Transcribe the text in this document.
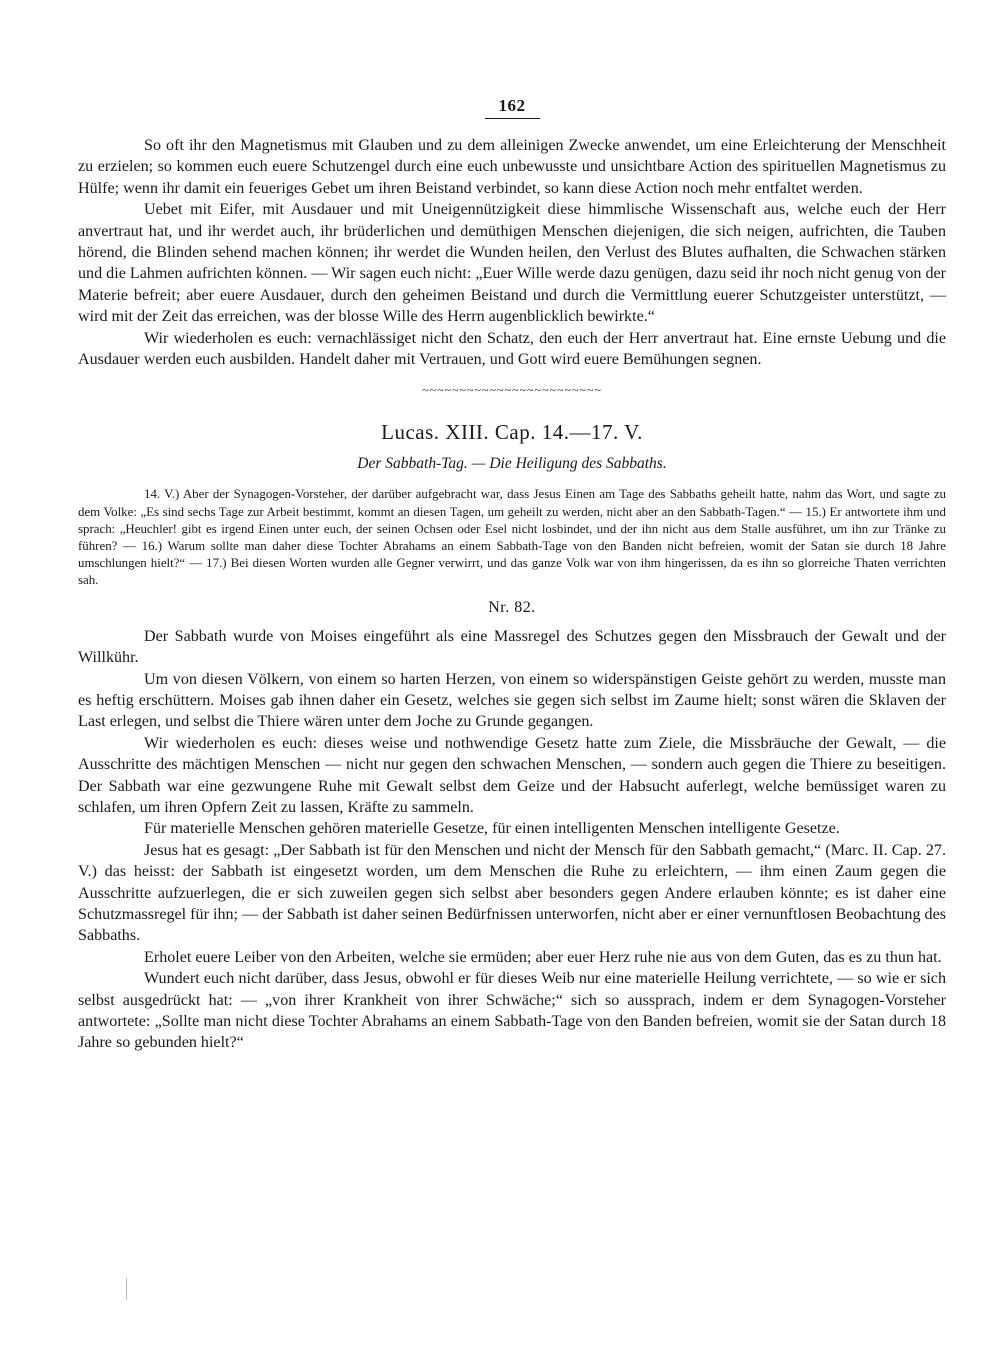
162

So oft ihr den Magnetismus mit Glauben und zu dem alleinigen Zwecke anwendet, um eine Erleichterung der Menschheit zu erzielen; so kommen euch euere Schutzengel durch eine euch unbewusste und unsichtbare Action des spirituellen Magnetismus zu Hülfe; wenn ihr damit ein feueriges Gebet um ihren Beistand verbindet, so kann diese Action noch mehr entfaltet werden.

Uebet mit Eifer, mit Ausdauer und mit Uneigennützigkeit diese himmlische Wissenschaft aus, welche euch der Herr anvertraut hat, und ihr werdet auch, ihr brüderlichen und demüthigen Menschen diejenigen, die sich neigen, aufrichten, die Tauben hörend, die Blinden sehend machen können; ihr werdet die Wunden heilen, den Verlust des Blutes aufhalten, die Schwachen stärken und die Lahmen aufrichten können. — Wir sagen euch nicht: „Euer Wille werde dazu genügen, dazu seid ihr noch nicht genug von der Materie befreit; aber euere Ausdauer, durch den geheimen Beistand und durch die Vermittlung euerer Schutzgeister unterstützt, — wird mit der Zeit das erreichen, was der blosse Wille des Herrn augenblicklich bewirkte.“

Wir wiederholen es euch: vernachlässiget nicht den Schatz, den euch der Herr anvertraut hat. Eine ernste Uebung und die Ausdauer werden euch ausbilden. Handelt daher mit Vertrauen, und Gott wird euere Bemühungen segnen.

~~~~~~~~~~~~~~~~~~~~~~~~
Lucas. XIII. Cap. 14.—17. V.
Der Sabbath-Tag. — Die Heiligung des Sabbaths.

14. V.) Aber der Synagogen-Vorsteher, der darüber aufgebracht war, dass Jesus Einen am Tage des Sabbaths geheilt hatte, nahm das Wort, und sagte zu dem Volke: „Es sind sechs Tage zur Arbeit bestimmt, kommt an diesen Tagen, um geheilt zu werden, nicht aber an den Sabbath-Tagen.“ — 15.) Er antwortete ihm und sprach: „Heuchler! gibt es irgend Einen unter euch, der seinen Ochsen oder Esel nicht losbindet, und der ihn nicht aus dem Stalle ausführet, um ihn zur Tränke zu führen? — 16.) Warum sollte man daher diese Tochter Abrahams an einem Sabbath-Tage von den Banden nicht befreien, womit der Satan sie durch 18 Jahre umschlungen hielt?“ — 17.) Bei diesen Worten wurden alle Gegner verwirrt, und das ganze Volk war von ihm hingerissen, da es ihn so glorreiche Thaten verrichten sah.

Nr. 82.

Der Sabbath wurde von Moises eingeführt als eine Massregel des Schutzes gegen den Missbrauch der Gewalt und der Willkühr.

Um von diesen Völkern, von einem so harten Herzen, von einem so widerspänstigen Geiste gehört zu werden, musste man es heftig erschüttern. Moises gab ihnen daher ein Gesetz, welches sie gegen sich selbst im Zaume hielt; sonst wären die Sklaven der Last erlegen, und selbst die Thiere wären unter dem Joche zu Grunde gegangen.

Wir wiederholen es euch: dieses weise und nothwendige Gesetz hatte zum Ziele, die Missbräuche der Gewalt, — die Ausschritte des mächtigen Menschen — nicht nur gegen den schwachen Menschen, — sondern auch gegen die Thiere zu beseitigen. Der Sabbath war eine gezwungene Ruhe mit Gewalt selbst dem Geize und der Habsucht auferlegt, welche bemüssiget waren zu schlafen, um ihren Opfern Zeit zu lassen, Kräfte zu sammeln.

Für materielle Menschen gehören materielle Gesetze, für einen intelligenten Menschen intelligente Gesetze.

Jesus hat es gesagt: „Der Sabbath ist für den Menschen und nicht der Mensch für den Sabbath gemacht,“ (Marc. II. Cap. 27. V.) das heisst: der Sabbath ist eingesetzt worden, um dem Menschen die Ruhe zu erleichtern, — ihm einen Zaum gegen die Ausschritte aufzuerlegen, die er sich zuweilen gegen sich selbst aber besonders gegen Andere erlauben könnte; es ist daher eine Schutzmassregel für ihn; — der Sabbath ist daher seinen Bedürfnissen unterworfen, nicht aber er einer vernunftlosen Beobachtung des Sabbaths.

Erholet euere Leiber von den Arbeiten, welche sie ermüden; aber euer Herz ruhe nie aus von dem Guten, das es zu thun hat.

Wundert euch nicht darüber, dass Jesus, obwohl er für dieses Weib nur eine materielle Heilung verrichtete, — so wie er sich selbst ausgedrückt hat: — „von ihrer Krankheit von ihrer Schwäche;“ sich so aussprach, indem er dem Synagogen-Vorsteher antwortete: „Sollte man nicht diese Tochter Abrahams an einem Sabbath-Tage von den Banden befreien, womit sie der Satan durch 18 Jahre so gebunden hielt?“
